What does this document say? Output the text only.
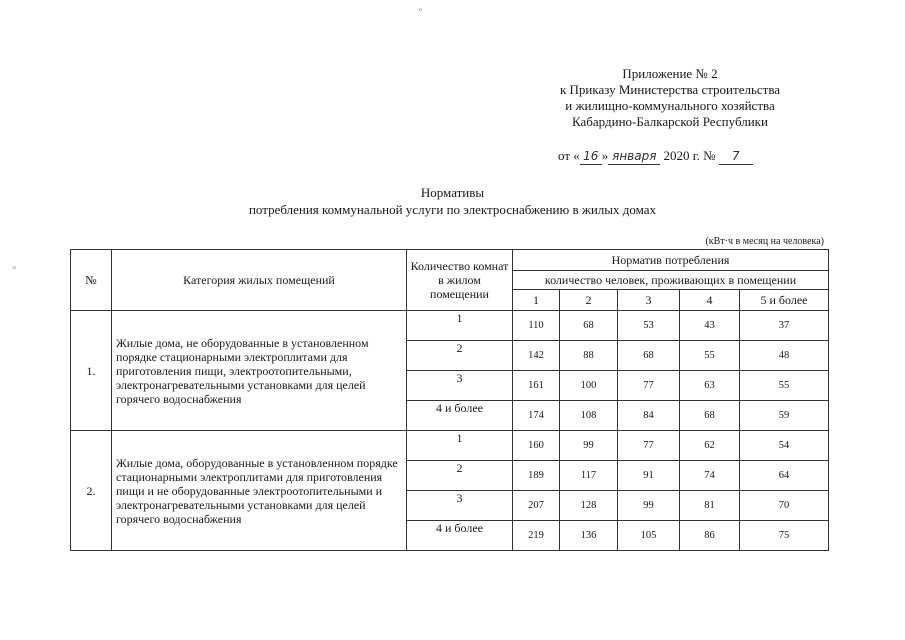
»
»
Приложение № 2
к Приказу Министерства строительства
и жилищно-коммунального хозяйства
Кабардино-Балкарской Республики
от « 16 » января 2020 г. № 7
Нормативы
потребления коммунальной услуги по электроснабжению в жилых домах
(кВт·ч в месяц на человека)
№	Категория жилых помещений	Количество комнат в жилом помещении	Норматив потребления				
			количество человек, проживающих в помещении				
			1	2	3	4	5 и более
1.	Жилые дома, не оборудованные в установленном порядке стационарными электроплитами для приготовления пищи, электроотопительными, электронагревательными установками для целей горячего водоснабжения	1	110	68	53	43	37
		2	142	88	68	55	48
		3	161	100	77	63	55
		4 и более	174	108	84	68	59
2.	Жилые дома, оборудованные в установленном порядке стационарными электроплитами для приготовления пищи и не оборудованные электроотопительными и электронагревательными установками для целей горячего водоснабжения	1	160	99	77	62	54
		2	189	117	91	74	64
		3	207	128	99	81	70
		4 и более	219	136	105	86	75
